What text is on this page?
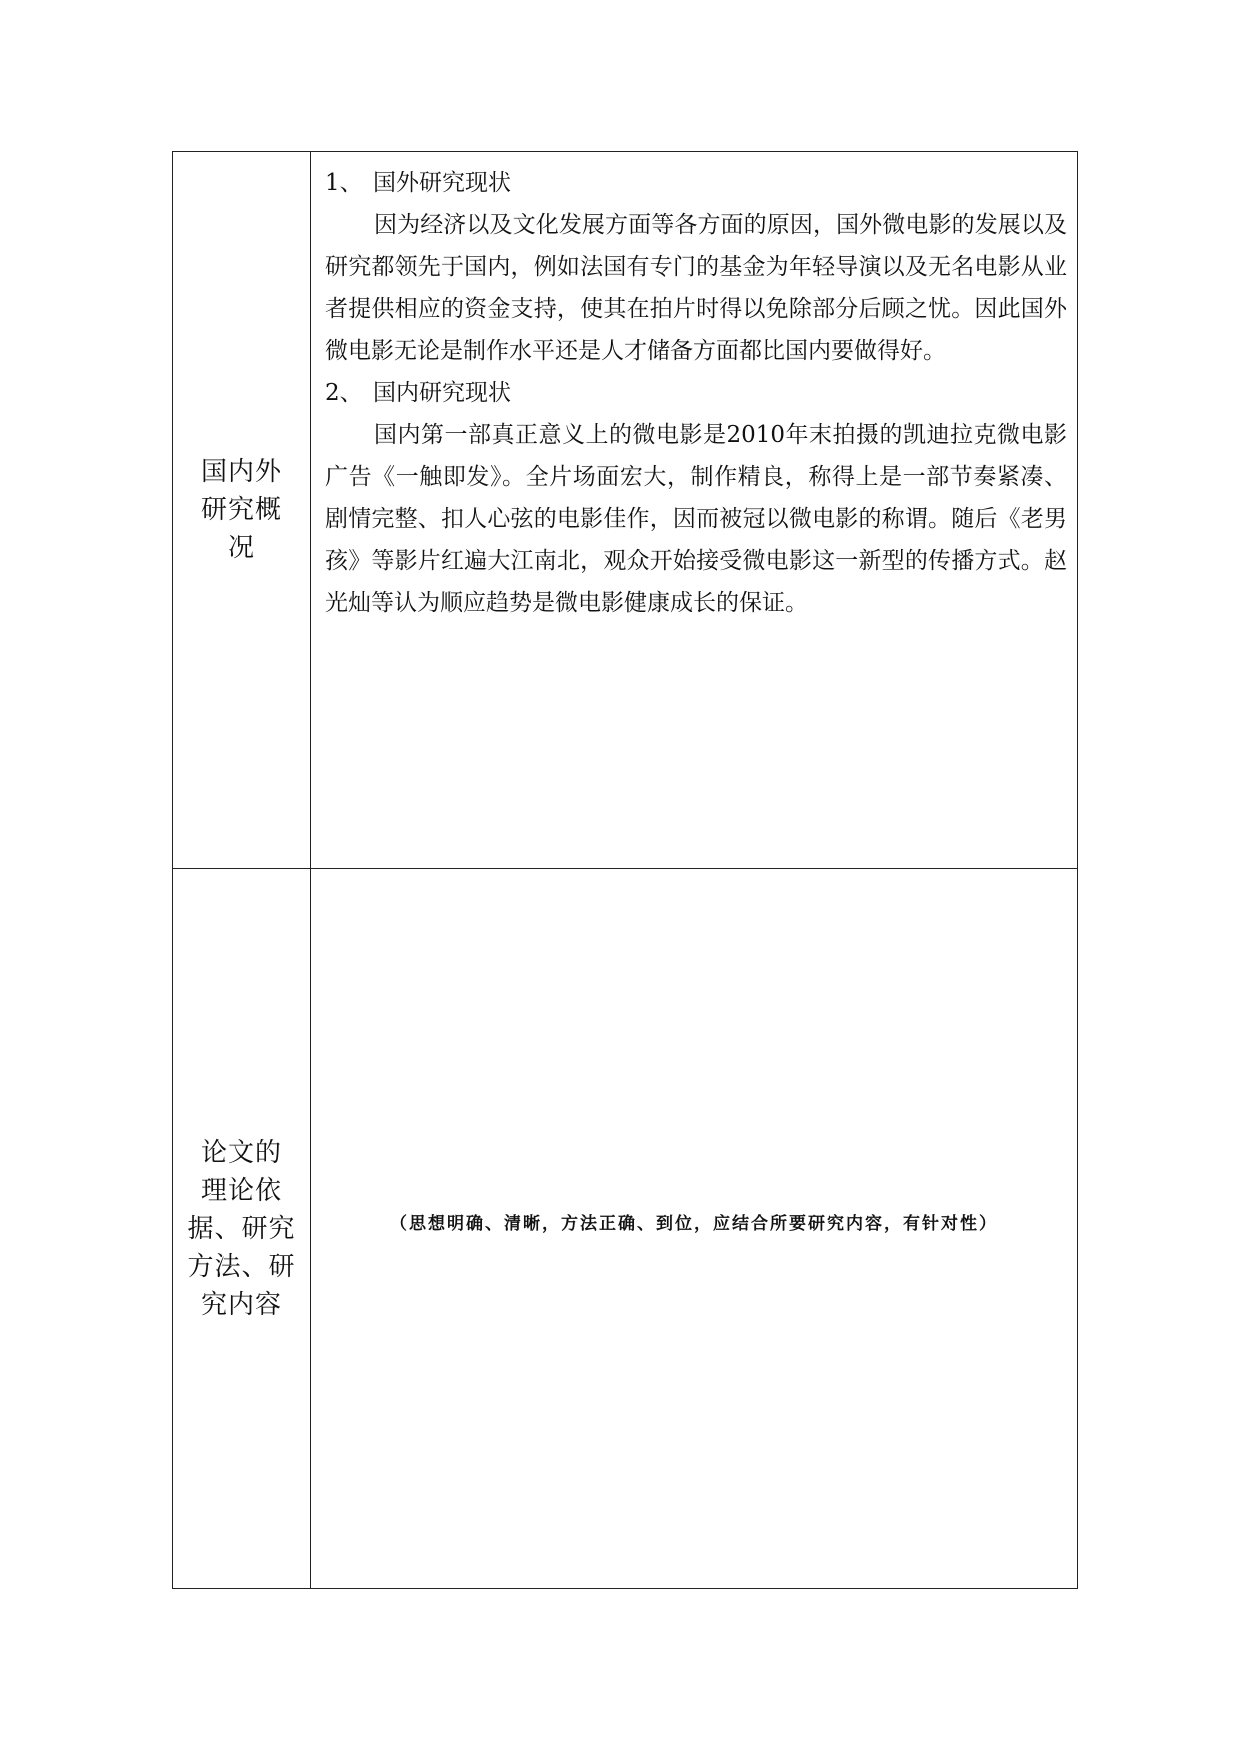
国内外
研究概
况
1、 国外研究现状

因为经济以及文化发展方面等各方面的原因，国外微电影的发展以及研究都领先于国内，例如法国有专门的基金为年轻导演以及无名电影从业者提供相应的资金支持，使其在拍片时得以免除部分后顾之忧。因此国外微电影无论是制作水平还是人才储备方面都比国内要做得好。

2、 国内研究现状

国内第一部真正意义上的微电影是2010年末拍摄的凯迪拉克微电影广告《一触即发》。全片场面宏大，制作精良，称得上是一部节奏紧凑、剧情完整、扣人心弦的电影佳作，因而被冠以微电影的称谓。随后《老男孩》等影片红遍大江南北，观众开始接受微电影这一新型的传播方式。赵光灿等认为顺应趋势是微电影健康成长的保证。

论文的
理论依
据、研究
方法、研
究内容
（思想明确、清晰，方法正确、到位，应结合所要研究内容，有针对性）
